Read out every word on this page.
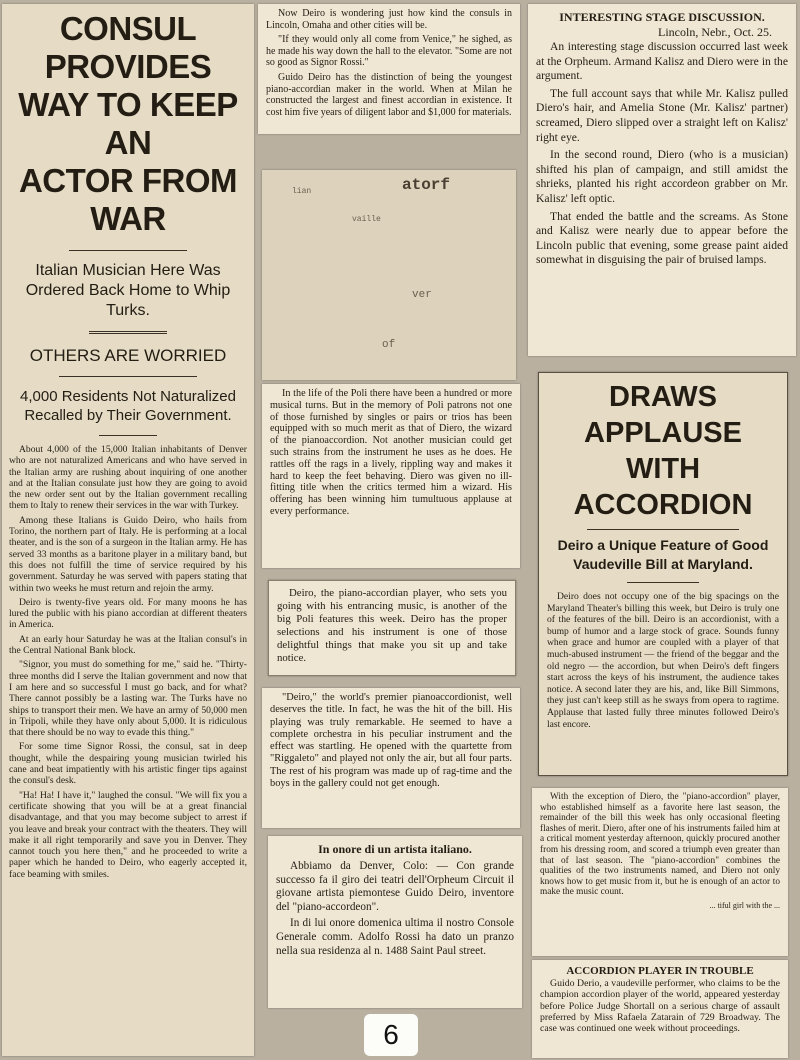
CONSUL PROVIDES
WAY TO KEEP AN
ACTOR FROM WAR
Italian Musician Here Was Ordered Back Home to Whip Turks.
OTHERS ARE WORRIED
4,000 Residents Not Naturalized Recalled by Their Government.

About 4,000 of the 15,000 Italian inhabitants of Denver who are not naturalized Americans and who have served in the Italian army are rushing about inquiring of one another and at the Italian consulate just how they are going to avoid the new order sent out by the Italian government recalling them to Italy to renew their services in the war with Turkey.

Among these Italians is Guido Deiro, who hails from Torino, the northern part of Italy. He is performing at a local theater, and is the son of a surgeon in the Italian army. He has served 33 months as a baritone player in a military band, but this does not fulfill the time of service required by his government. Saturday he was served with papers stating that within two weeks he must return and rejoin the army.

Deiro is twenty-five years old. For many moons he has lured the public with his piano accordian at different theaters in America.

At an early hour Saturday he was at the Italian consul's in the Central National Bank block.

"Signor, you must do something for me," said he. "Thirty-three months did I serve the Italian government and now that I am here and so successful I must go back, and for what? There cannot possibly be a lasting war. The Turks have no ships to transport their men. We have an army of 50,000 men in Tripoli, while they have only about 5,000. It is ridiculous that there should be no way to evade this thing."

For some time Signor Rossi, the consul, sat in deep thought, while the despairing young musician twirled his cane and beat impatiently with his artistic finger tips against the consul's desk.

"Ha! Ha! I have it," laughed the consul. "We will fix you a certificate showing that you will be at a great financial disadvantage, and that you may become subject to arrest if you leave and break your contract with the theaters. They will make it all right temporarily and save you in Denver. They cannot touch you here then," and he proceeded to write a paper which he handed to Deiro, who eagerly accepted it, face beaming with smiles.

Now Deiro is wondering just how kind the consuls in Lincoln, Omaha and other cities will be.

"If they would only all come from Venice," he sighed, as he made his way down the hall to the elevator. "Some are not so good as Signor Rossi."

Guido Deiro has the distinction of being the youngest piano-accordian maker in the world. When at Milan he constructed the largest and finest accordian in existence. It cost him five years of diligent labor and $1,000 for materials.

atorf
lian
vaille
ver
of

In the life of the Poli there have been a hundred or more musical turns. But in the memory of Poli patrons not one of those furnished by singles or pairs or trios has been equipped with so much merit as that of Diero, the wizard of the pianoaccordion. Not another musician could get such strains from the instrument he uses as he does. He rattles off the rags in a lively, rippling way and makes it hard to keep the feet behaving. Diero was given no ill-fitting title when the critics termed him a wizard. His offering has been winning him tumultuous applause at every performance.

Deiro, the piano-accordian player, who sets you going with his entrancing music, is another of the big Poli features this week. Deiro has the proper selections and his instrument is one of those delightful things that make you sit up and take notice.

"Deiro," the world's premier pianoaccordionist, well deserves the title. In fact, he was the hit of the bill. His playing was truly remarkable. He seemed to have a complete orchestra in his peculiar instrument and the effect was startling. He opened with the quartette from "Riggaleto" and played not only the air, but all four parts. The rest of his program was made up of rag-time and the boys in the gallery could not get enough.

In onore di un artista italiano.

Abbiamo da Denver, Colo: — Con grande successo fa il giro dei teatri dell'Orpheum Circuit il giovane artista piemontese Guido Deiro, inventore del "piano-accordeon".

In di lui onore domenica ultima il nostro Console Generale comm. Adolfo Rossi ha dato un pranzo nella sua residenza al n. 1488 Saint Paul street.

INTERESTING STAGE DISCUSSION.
Lincoln, Nebr., Oct. 25.

An interesting stage discussion occurred last week at the Orpheum. Armand Kalisz and Diero were in the argument.

The full account says that while Mr. Kalisz pulled Diero's hair, and Amelia Stone (Mr. Kalisz' partner) screamed, Diero slipped over a straight left on Kalisz' right eye.

In the second round, Diero (who is a musician) shifted his plan of campaign, and still amidst the shrieks, planted his right accordeon grabber on Mr. Kalisz' left optic.

That ended the battle and the screams. As Stone and Kalisz were nearly due to appear before the Lincoln public that evening, some grease paint aided somewhat in disguising the pair of bruised lamps.

DRAWS APPLAUSE
WITH ACCORDION
Deiro a Unique Feature of Good Vaudeville Bill at Maryland.

Deiro does not occupy one of the big spacings on the Maryland Theater's billing this week, but Deiro is truly one of the features of the bill. Deiro is an accordionist, with a bump of humor and a large stock of grace. Sounds funny when grace and humor are coupled with a player of that much-abused instrument — the friend of the beggar and the old negro — the accordion, but when Deiro's deft fingers start across the keys of his instrument, the audience takes notice. A second later they are his, and, like Bill Simmons, they just can't keep still as he sways from opera to ragtime. Applause that lasted fully three minutes followed Deiro's last encore.

With the exception of Diero, the "piano-accordion" player, who established himself as a favorite here last season, the remainder of the bill this week has only occasional fleeting flashes of merit. Diero, after one of his instruments failed him at a critical moment yesterday afternoon, quickly procured another from his dressing room, and scored a triumph even greater than that of last season. The "piano-accordion" combines the qualities of the two instruments named, and Diero not only knows how to get music from it, but he is enough of an actor to make the music count.

... tiful girl with the ...

ACCORDION PLAYER IN TROUBLE

Guido Derio, a vaudeville performer, who claims to be the champion accordion player of the world, appeared yesterday before Police Judge Shortall on a serious charge of assault preferred by Miss Rafaela Zatarain of 729 Broadway. The case was continued one week without proceedings.

6
